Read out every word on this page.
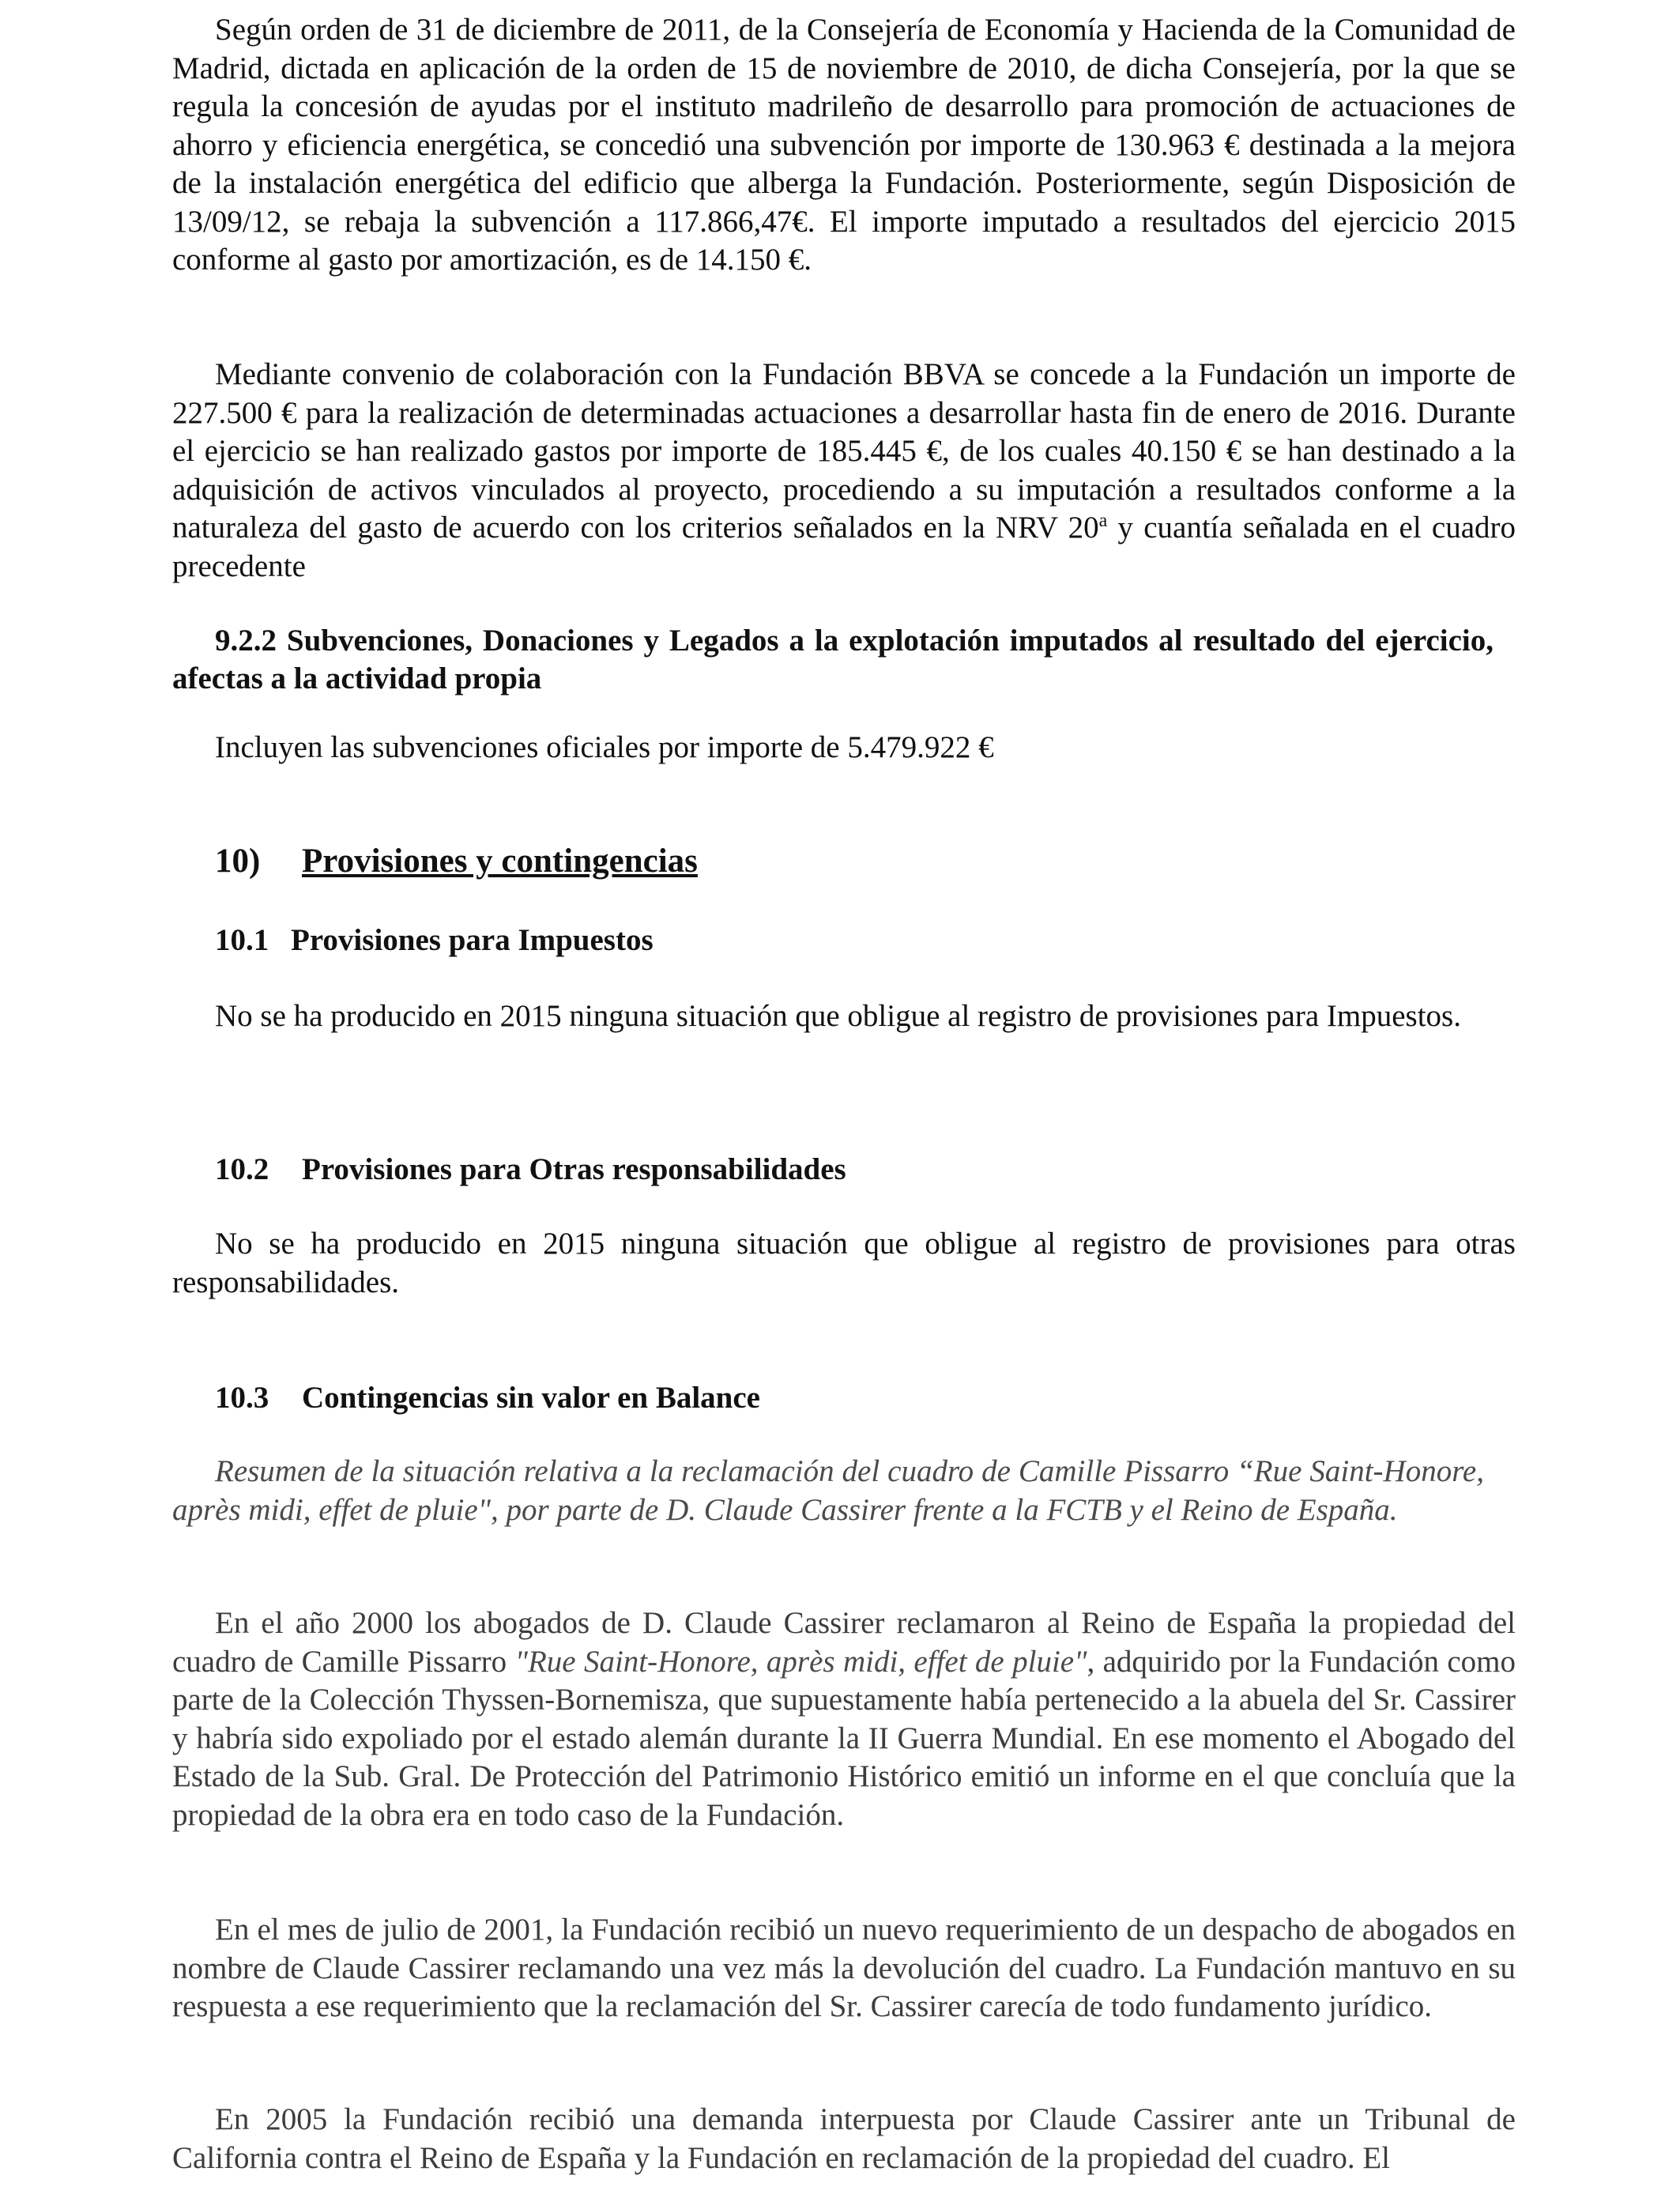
Según orden de 31 de diciembre de 2011, de la Consejería de Economía y Hacienda de la Comunidad de Madrid, dictada en aplicación de la orden de 15 de noviembre de 2010, de dicha Consejería, por la que se regula la concesión de ayudas por el instituto madrileño de desarrollo para promoción de actuaciones de ahorro y eficiencia energética, se concedió una subvención por importe de 130.963 € destinada a la mejora de la instalación energética del edificio que alberga la Fundación. Posteriormente, según Disposición de 13/09/12, se rebaja la subvención a 117.866,47€. El importe imputado a resultados del ejercicio 2015 conforme al gasto por amortización, es de 14.150 €.

Mediante convenio de colaboración con la Fundación BBVA se concede a la Fundación un importe de 227.500 € para la realización de determinadas actuaciones a desarrollar hasta fin de enero de 2016. Durante el ejercicio se han realizado gastos por importe de 185.445 €, de los cuales 40.150 € se han destinado a la adquisición de activos vinculados al proyecto, procediendo a su imputación a resultados conforme a la naturaleza del gasto de acuerdo con los criterios señalados en la NRV 20$^a$ y cuantía señalada en el cuadro precedente

9.2.2 Subvenciones, Donaciones y Legados a la explotación imputados al resultado del ejercicio, afectas a la actividad propia

Incluyen las subvenciones oficiales por importe de 5.479.922 €

10) Provisiones y contingencias

10.1 Provisiones para Impuestos

No se ha producido en 2015 ninguna situación que obligue al registro de provisiones para Impuestos.

10.2 Provisiones para Otras responsabilidades

No se ha producido en 2015 ninguna situación que obligue al registro de provisiones para otras responsabilidades.

10.3 Contingencias sin valor en Balance

Resumen de la situación relativa a la reclamación del cuadro de Camille Pissarro “Rue Saint-Honore, après midi, effet de pluie", por parte de D. Claude Cassirer frente a la FCTB y el Reino de España.

En el año 2000 los abogados de D. Claude Cassirer reclamaron al Reino de España la propiedad del cuadro de Camille Pissarro "Rue Saint-Honore, après midi, effet de pluie", adquirido por la Fundación como parte de la Colección Thyssen-Bornemisza, que supuestamente había pertenecido a la abuela del Sr. Cassirer y habría sido expoliado por el estado alemán durante la II Guerra Mundial. En ese momento el Abogado del Estado de la Sub. Gral. De Protección del Patrimonio Histórico emitió un informe en el que concluía que la propiedad de la obra era en todo caso de la Fundación.

En el mes de julio de 2001, la Fundación recibió un nuevo requerimiento de un despacho de abogados en nombre de Claude Cassirer reclamando una vez más la devolución del cuadro. La Fundación mantuvo en su respuesta a ese requerimiento que la reclamación del Sr. Cassirer carecía de todo fundamento jurídico.

En 2005 la Fundación recibió una demanda interpuesta por Claude Cassirer ante un Tribunal de California contra el Reino de España y la Fundación en reclamación de la propiedad del cuadro. El
